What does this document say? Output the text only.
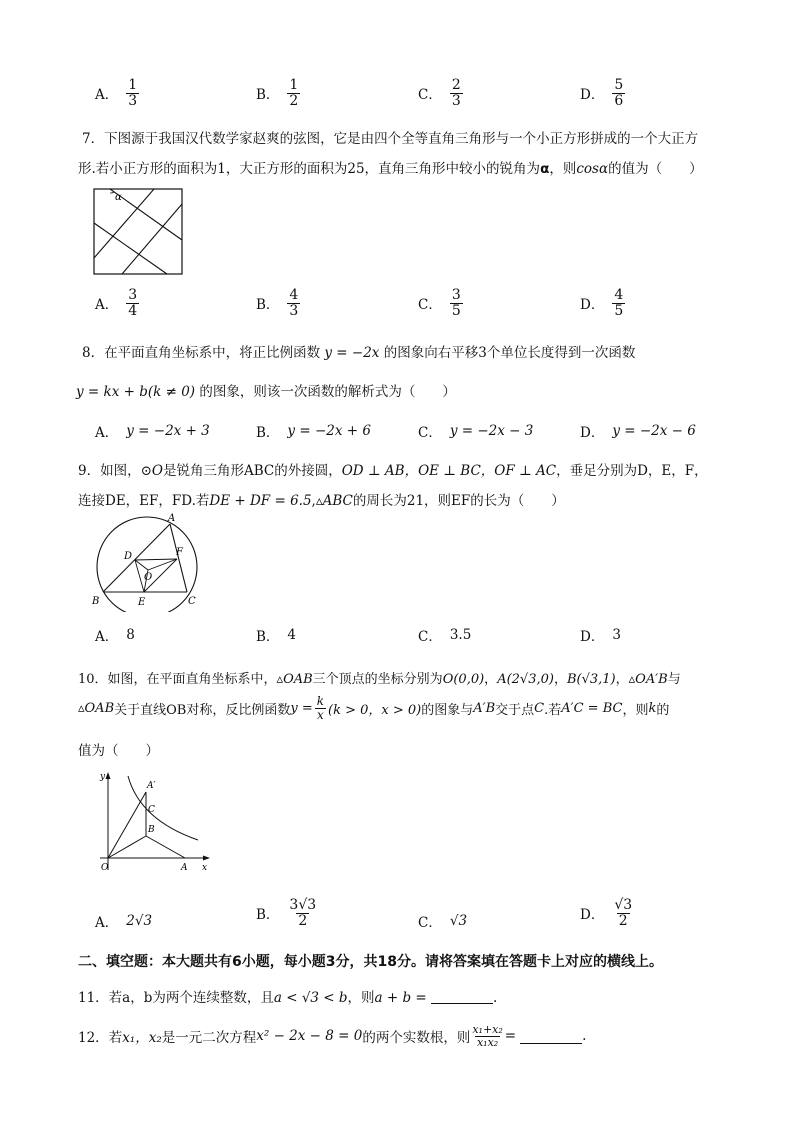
A． $\frac{1}{3}$	B． $\frac{1}{2}$	C． $\frac{2}{3}$	D． $\frac{5}{6}$
7．下图源于我国汉代数学家赵爽的弦图，它是由四个全等直角三角形与一个小正方形拼成的一个大正方
形.若小正方形的面积为1，大正方形的面积为25，直角三角形中较小的锐角为α，则cosα的值为（　　）
α
A． $\frac{3}{4}$	B． $\frac{4}{3}$	C． $\frac{3}{5}$	D． $\frac{4}{5}$
8．在平面直角坐标系中，将正比例函数 y = −2x 的图象向右平移3个单位长度得到一次函数
y = kx + b(k ≠ 0) 的图象，则该一次函数的解析式为（　　）
A． y = −2x + 3	B． y = −2x + 6	C． y = −2x − 3	D． y = −2x − 6
9．如图，⊙O是锐角三角形ABC的外接圆，OD ⊥ AB，OE ⊥ BC，OF ⊥ AC，垂足分别为D，E，F，
连接DE，EF，FD.若DE + DF = 6.5,▵ABC的周长为21，则EF的长为（　　）
A
B	C
D
E
F
O
A． 8	B． 4	C． 3.5	D． 3
10．如图，在平面直角坐标系中，▵OAB三个顶点的坐标分别为O(0,0)，A(2√3,0)，B(√3,1)，▵OA′B与
▵OAB 关于直线OB对称，反比例函数 $y = \frac{k}{x} (k > 0$，x > 0) 的图象与 A′B 交于点 C .若 A′C = BC ，则 k 的
值为（　　）
y
x
O	A
A′
B
C
A． 2√3	B． $\frac{3√3}{2}$	C． √3	D． $\frac{√3}{2}$
二、填空题：本大题共有6小题，每小题3分，共18分。请将答案填在答题卡上对应的横线上。
11．若a，b为两个连续整数，且a < √3 < b，则a + b =	.
12．若 x₁，x₂ 是一元二次方程 x² − 2x − 8 = 0 的两个实数根，则 $\frac{\text{x₁+x₂}}{\text{x₁x₂}}$ =	.
